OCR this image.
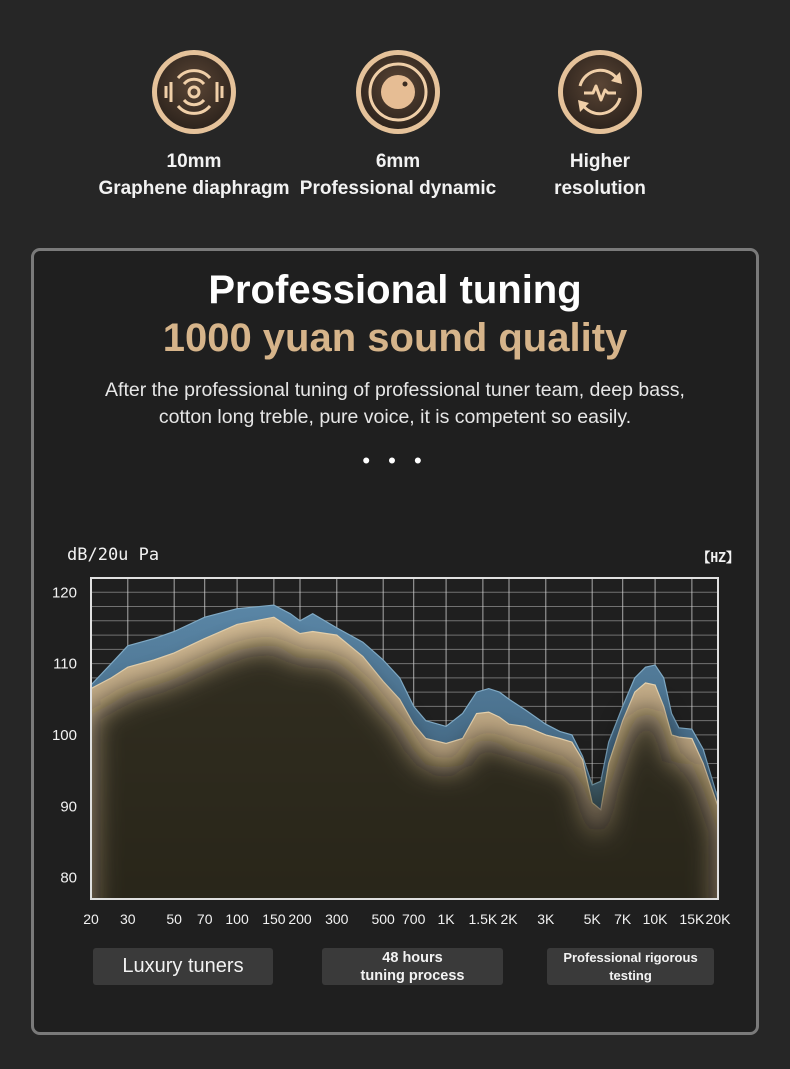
10mm
Graphene diaphragm
6mm
Professional dynamic
Higher
resolution
Professional tuning
1000 yuan sound quality
After the professional tuning of professional tuner team, deep bass,
cotton long treble, pure voice, it is competent so easily.
• • •
dB/20u Pa	【HZ】
80
90
100
110
120
20 30 50 70 100 150 200 300 500 700 1K 1.5K 2K 3K 5K 7K 10K 15K 20K
Luxury tuners	48 hours
tuning process
Professional rigorous
testing
